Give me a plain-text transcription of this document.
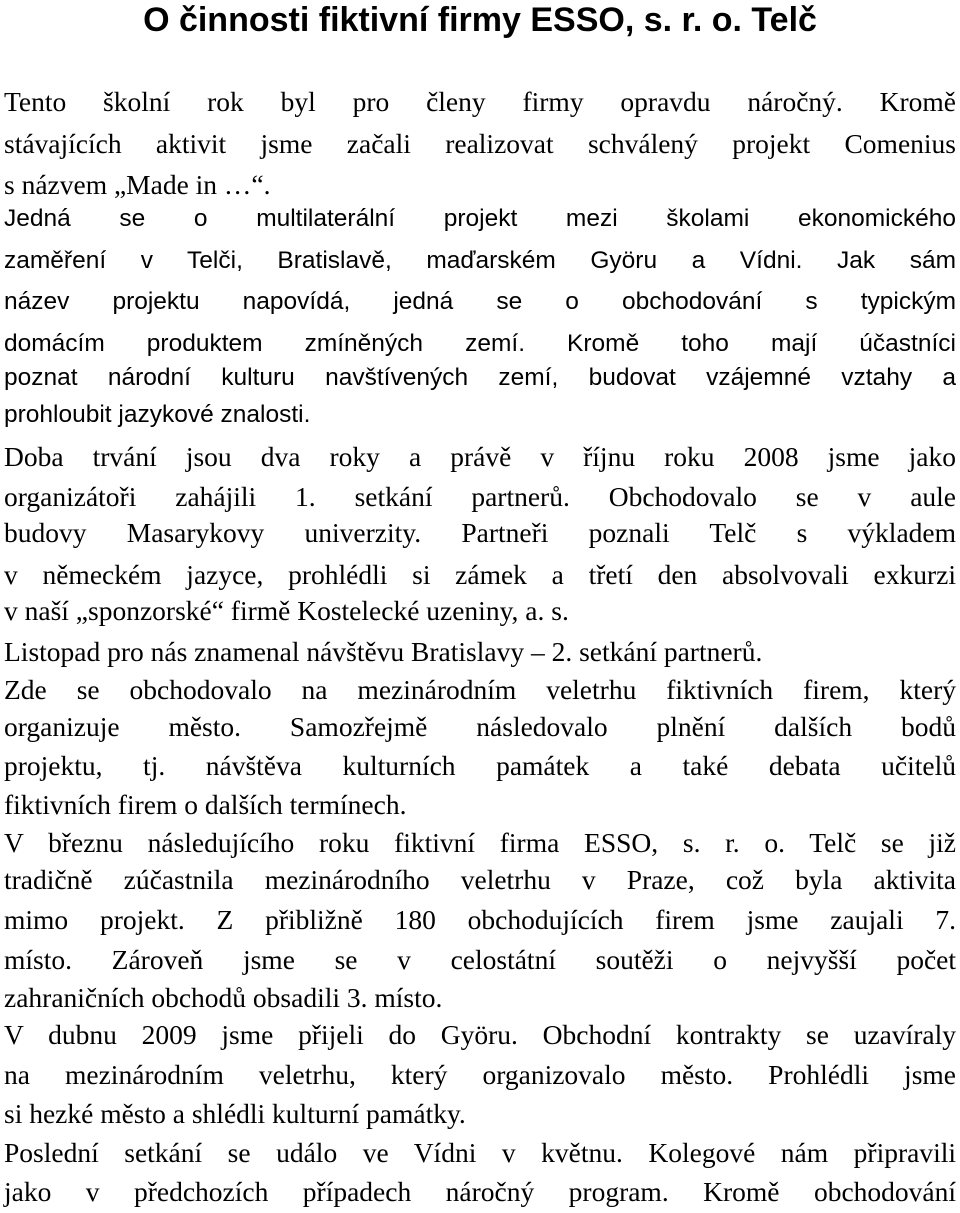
O činnosti fiktivní firmy ESSO, s. r. o. Telč
Tento školní rok byl pro členy firmy opravdu náročný. Kromě
stávajících aktivit jsme začali realizovat schválený projekt Comenius
s názvem „Made in …“.
Jedná se o multilaterální projekt mezi školami ekonomického
zaměření v Telči, Bratislavě, maďarském Györu a Vídni. Jak sám
název projektu napovídá, jedná se o obchodování s typickým
domácím produktem zmíněných zemí. Kromě toho mají účastníci
poznat národní kulturu navštívených zemí, budovat vzájemné vztahy a
prohloubit jazykové znalosti.
Doba trvání jsou dva roky a právě v říjnu roku 2008 jsme jako
organizátoři zahájili 1. setkání partnerů. Obchodovalo se v aule
budovy Masarykovy univerzity. Partneři poznali Telč s výkladem
v německém jazyce, prohlédli si zámek a třetí den absolvovali exkurzi
v naší „sponzorské“ firmě Kostelecké uzeniny, a. s.
Listopad pro nás znamenal návštěvu Bratislavy – 2. setkání partnerů.
Zde se obchodovalo na mezinárodním veletrhu fiktivních firem, který
organizuje město. Samozřejmě následovalo plnění dalších bodů
projektu, tj. návštěva kulturních památek a také debata učitelů
fiktivních firem o dalších termínech.
V březnu následujícího roku fiktivní firma ESSO, s. r. o. Telč se již
tradičně zúčastnila mezinárodního veletrhu v Praze, což byla aktivita
mimo projekt. Z přibližně 180 obchodujících firem jsme zaujali 7.
místo. Zároveň jsme se v celostátní soutěži o nejvyšší počet
zahraničních obchodů obsadili 3. místo.
V dubnu 2009 jsme přijeli do Györu. Obchodní kontrakty se uzavíraly
na mezinárodním veletrhu, který organizovalo město. Prohlédli jsme
si hezké město a shlédli kulturní památky.
Poslední setkání se událo ve Vídni v květnu. Kolegové nám připravili
jako v předchozích případech náročný program. Kromě obchodování
